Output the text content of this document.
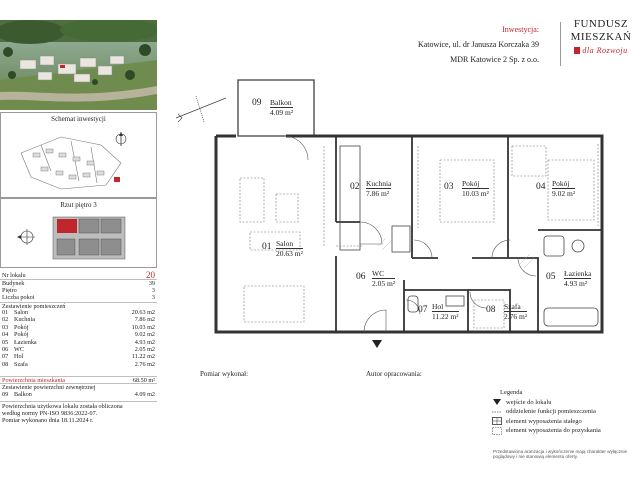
Schemat inwestycji
Rzut piętro 3
Nr lokalu	20
Budynek	39
Piętro	3
Liczba pokoi	3
Zestawienie pomieszczeń
01 Salon	20.63 m2
02 Kuchnia	7.86 m2
03 Pokój	10.03 m2
04 Pokój	9.02 m2
05 Łazienka	4.93 m2
06 WC	2.05 m2
07 Hol	11.22 m2
08 Szafa	2.76 m2
Powierzchnia mieszkania	68.50 m²
Zestawienie powierzchni zewnętrznej
09 Balkon	4.09 m2
Powierzchnia użytkowa lokalu została obliczona
według normy PN-ISO 9836:2022-07.
Pomiar wykonano dnia 18.11.2024 r.
Inwestycja:
Katowice, ul. dr Janusza Korczaka 39
MDR Katowice 2 Sp. z o.o.
FUNDUSZ
MIESZKAŃ
dla Rozwoju
09 Balkon
4.09 m²
01 Salon
20.63 m²
02 Kuchnia
7.86 m²
03 Pokój
10.03 m²
04 Pokój
9.02 m²
05 Łazienka
4.93 m²
06 WC
2.05 m²
07 Hol
11.22 m²
08 Szafa
2.76 m²
Pomiar wykonał:	Autor opracowania:
Legenda
wejście do lokalu
oddzielenie funkcji pomieszczenia
element wyposażenia stałego
element wyposażenia do pozyskania
Przedstawiona aranżacja i wykończenie mają charakter wyłącznie poglądowy i nie stanowią elementu oferty.
